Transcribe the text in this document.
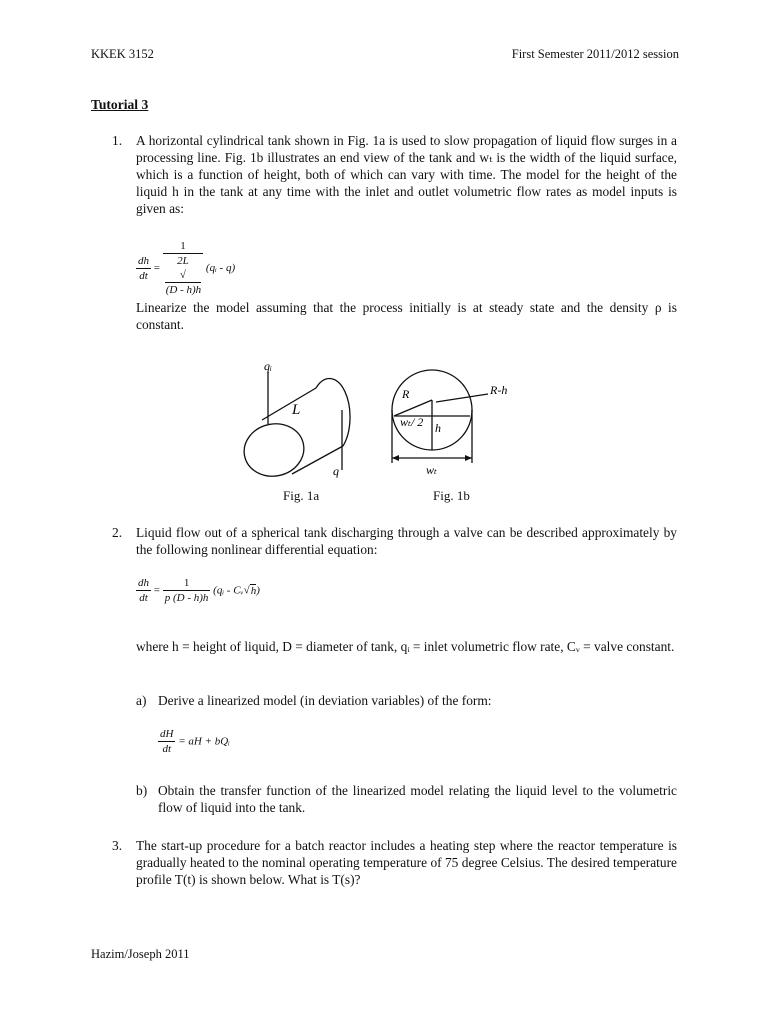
KKEK 3152	First Semester 2011/2012 session
Tutorial 3
1. A horizontal cylindrical tank shown in Fig. 1a is used to slow propagation of liquid flow surges in a processing line. Fig. 1b illustrates an end view of the tank and wₜ is the width of the liquid surface, which is a function of height, both of which can vary with time. The model for the height of the liquid h in the tank at any time with the inlet and outlet volumetric flow rates as model inputs is given as:
$\frac{dh}{dt} = 1$
2L
√
(D - h)h (qᵢ - q)
Linearize the model assuming that the process initially is at steady state and the density ρ is constant.
qᵢ
L
q
R	R-h
wₜ/ 2 h
wₜ
Fig. 1a	Fig. 1b
2. Liquid flow out of a spherical tank discharging through a valve can be described approximately by the following nonlinear differential equation:
$\frac{dh}{dt} = \frac{1}{p (D - h)h}$ (qᵢ - Cᵥ√h)
where h = height of liquid, D = diameter of tank, qᵢ = inlet volumetric flow rate, Cᵥ = valve constant.
a) Derive a linearized model (in deviation variables) of the form:
$\frac{dH}{dt}$ = aH + bQᵢ
b) Obtain the transfer function of the linearized model relating the liquid level to the volumetric flow of liquid into the tank.
3. The start-up procedure for a batch reactor includes a heating step where the reactor temperature is gradually heated to the nominal operating temperature of 75 degree Celsius. The desired temperature profile T(t) is shown below. What is T(s)?
Hazim/Joseph 2011
